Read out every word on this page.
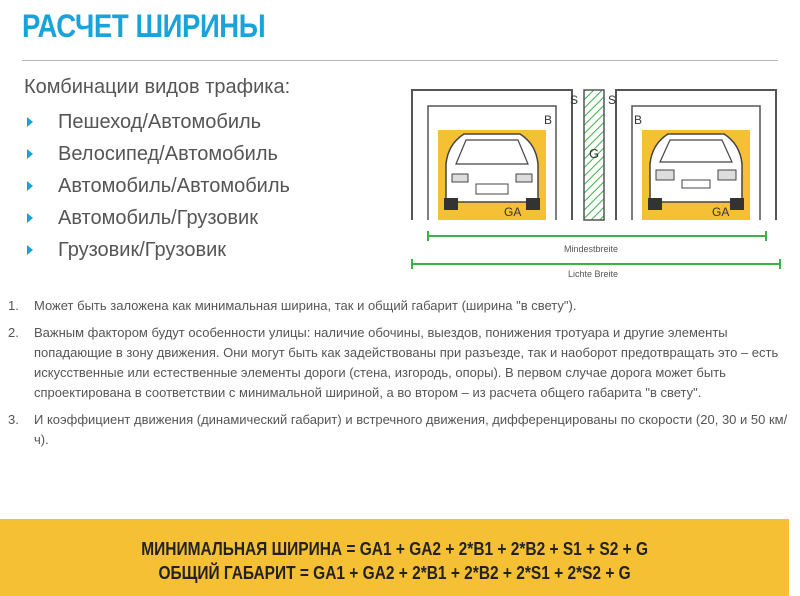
РАСЧЕТ ШИРИНЫ
Комбинации видов трафика:
Пешеход/Автомобиль
Велосипед/Автомобиль
Автомобиль/Автомобиль
Автомобиль/Грузовик
Грузовик/Грузовик
S S
B	B
G
GA	GA
Mindestbreite
Lichte Breite
1. Может быть заложена как минимальная ширина, так и общий габарит (ширина "в свету").
2. Важным фактором будут особенности улицы: наличие обочины, выездов, понижения тротуара и другие элементы попадающие в зону движения. Они могут быть как задействованы при разъезде, так и наоборот предотвращать это – есть искусственные или естественные элементы дороги (стена, изгородь, опоры). В первом случае дорога может быть спроектирована в соответствии с минимальной шириной, а во втором – из расчета общего габарита "в свету".
3. И коэффициент движения (динамический габарит) и встречного движения, дифференцированы по скорости (20, 30 и 50 км/ч).
МИНИМАЛЬНАЯ ШИРИНА = GA1 + GA2 + 2*B1 + 2*B2 + S1 + S2 + G
ОБЩИЙ ГАБАРИТ = GA1 + GA2 + 2*B1 + 2*B2 + 2*S1 + 2*S2 + G
